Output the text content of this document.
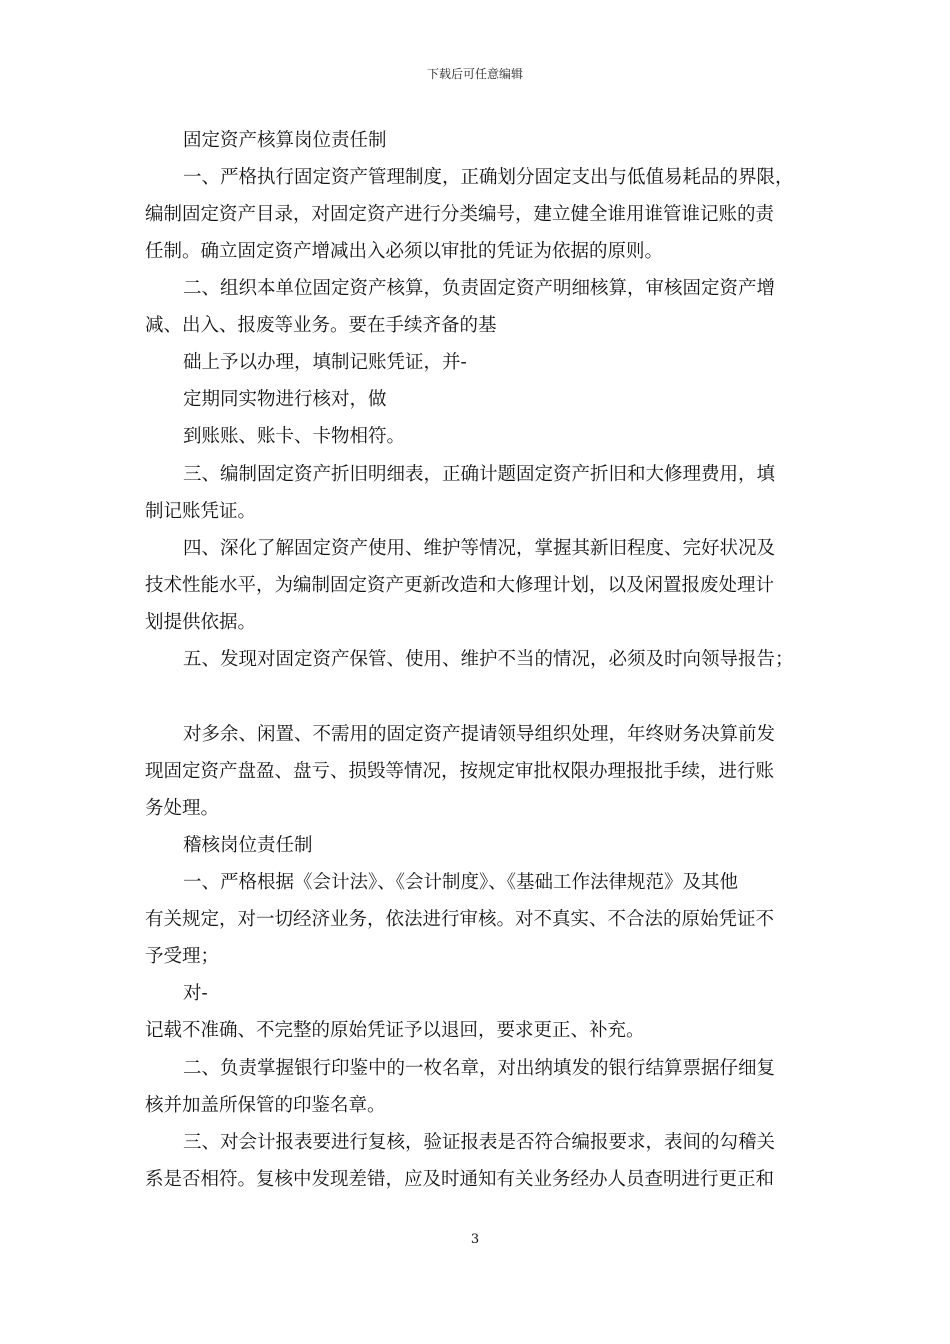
下载后可任意编辑
固定资产核算岗位责任制
一、严格执行固定资产管理制度，正确划分固定支出与低值易耗品的界限，
编制固定资产目录，对固定资产进行分类编号，建立健全谁用谁管谁记账的责
任制。确立固定资产增减出入必须以审批的凭证为依据的原则。
二、组织本单位固定资产核算，负责固定资产明细核算，审核固定资产增
减、出入、报废等业务。要在手续齐备的基
础上予以办理，填制记账凭证，并-
定期同实物进行核对，做
到账账、账卡、卡物相符。
三、编制固定资产折旧明细表，正确计题固定资产折旧和大修理费用，填
制记账凭证。
四、深化了解固定资产使用、维护等情况，掌握其新旧程度、完好状况及
技术性能水平，为编制固定资产更新改造和大修理计划，以及闲置报废处理计
划提供依据。
五、发现对固定资产保管、使用、维护不当的情况，必须及时向领导报告；
对多余、闲置、不需用的固定资产提请领导组织处理，年终财务决算前发
现固定资产盘盈、盘亏、损毁等情况，按规定审批权限办理报批手续，进行账
务处理。
稽核岗位责任制
一、严格根据《会计法》、《会计制度》、《基础工作法律规范》及其他
有关规定，对一切经济业务，依法进行审核。对不真实、不合法的原始凭证不
予受理；
对-
记载不准确、不完整的原始凭证予以退回，要求更正、补充。
二、负责掌握银行印鉴中的一枚名章，对出纳填发的银行结算票据仔细复
核并加盖所保管的印鉴名章。
三、对会计报表要进行复核，验证报表是否符合编报要求，表间的勾稽关
系是否相符。复核中发现差错，应及时通知有关业务经办人员查明进行更正和
3
